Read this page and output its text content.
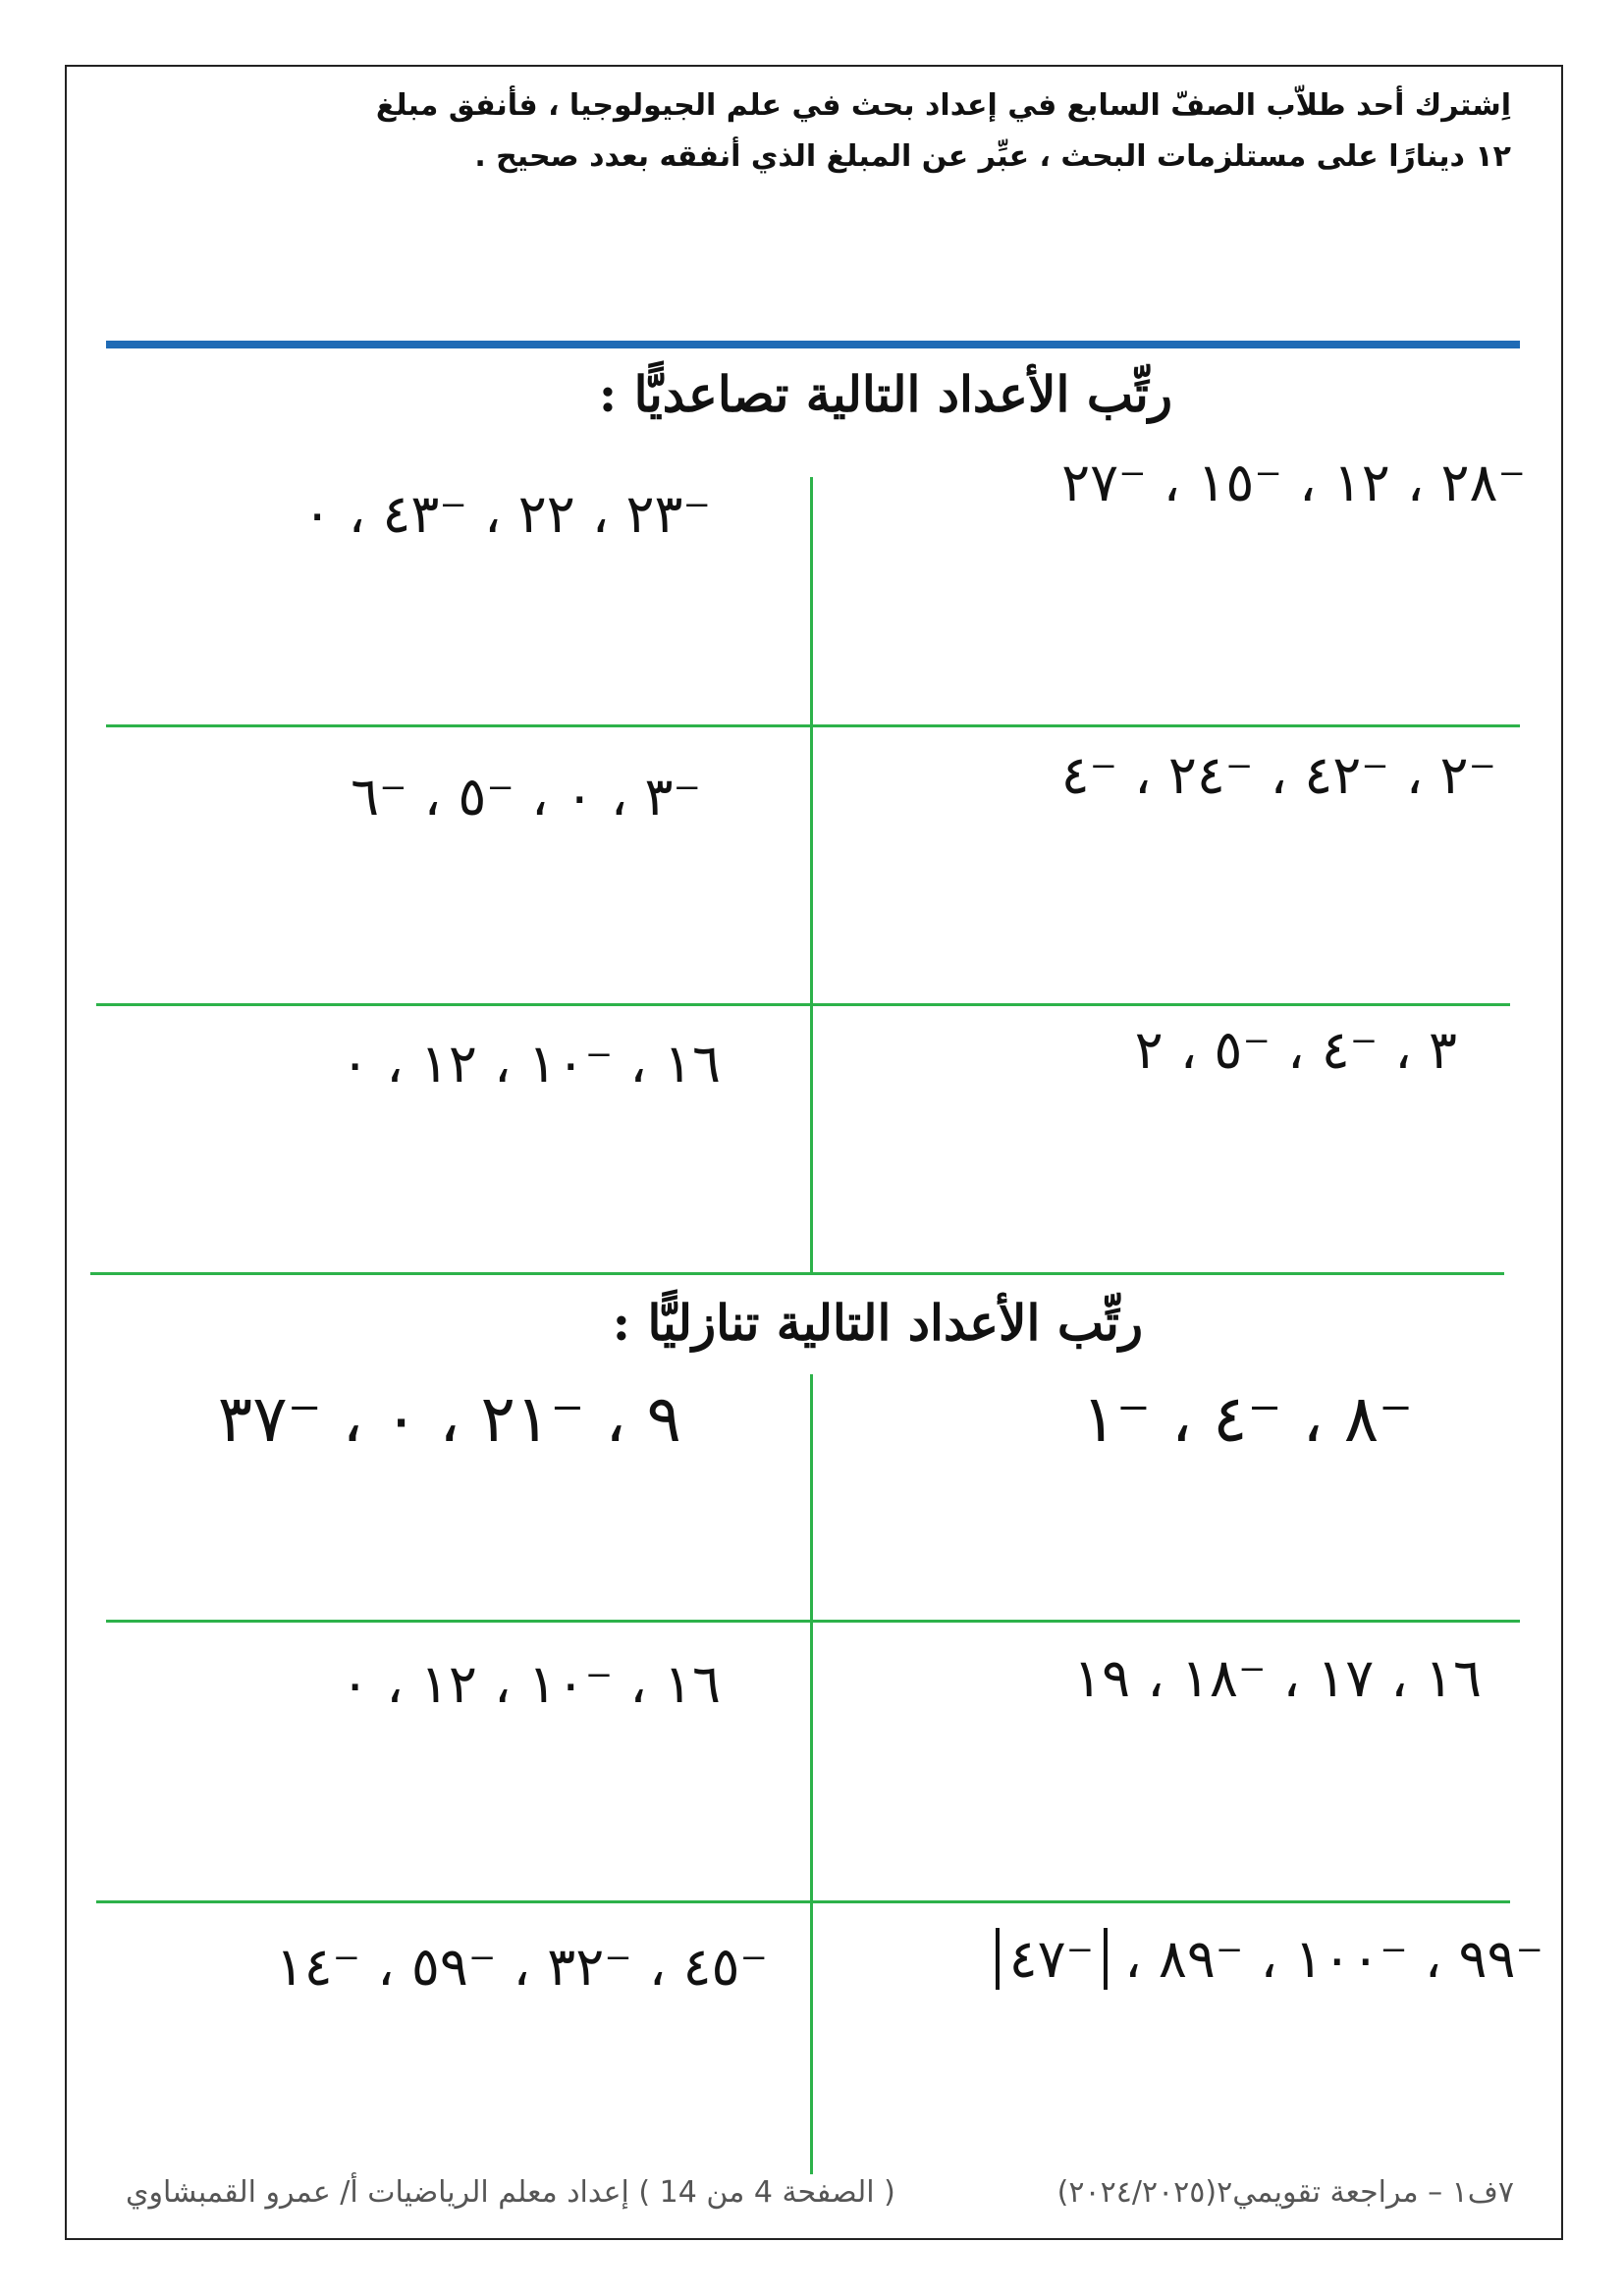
اِشترك أحد طلاّب الصفّ السابع في إعداد بحث في علم الجيولوجيا ، فأنفق مبلغ
١٢ دينارًا على مستلزمات البحث ، عبِّر عن المبلغ الذي أنفقه بعدد صحيح .
رتِّب الأعداد التالية تصاعديًّا :
⁻٢٨ ، ١٢ ، ⁻١٥ ، ⁻٢٧
⁻٢٣ ، ٢٢ ، ⁻٤٣ ، ٠
⁻٢ ، ⁻٤٢ ، ⁻٢٤ ، ⁻٤
⁻٣ ، ٠ ، ⁻٥ ، ⁻٦
٣ ، ⁻٤ ، ⁻٥ ، ٢
١٦ ، ⁻١٠ ، ١٢ ، ٠
رتِّب الأعداد التالية تنازليًّا :
⁻٨ ، ⁻٤ ، ⁻١
٩ ، ⁻٢١ ، ٠ ، ⁻٣٧
١٦ ، ١٧ ، ⁻١٨ ، ١٩
١٦ ، ⁻١٠ ، ١٢ ، ٠
⁻٩٩ ، ⁻١٠٠ ، ⁻٨٩ ، ⁻٤٧
⁻٤٥ ، ⁻٣٢ ، ⁻٥٩ ، ⁻١٤
٧ف١ – مراجعة تقويمي٢(٢٠٢٤/٢٠٢٥)
( الصفحة 4 من 14 ) إعداد معلم الرياضيات أ/ عمرو القمبشاوي
